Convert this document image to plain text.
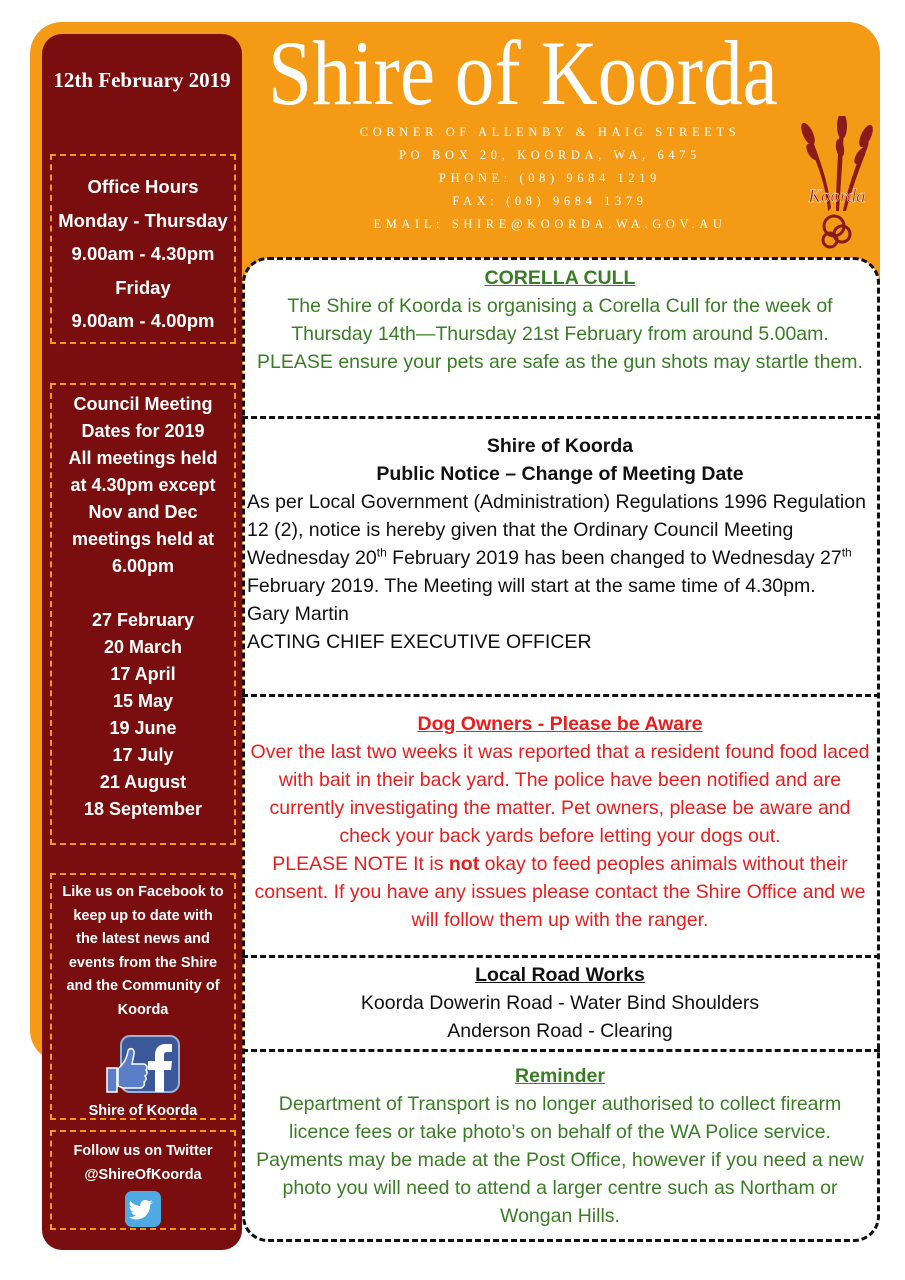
12th February 2019
Office Hours
Monday - Thursday
9.00am - 4.30pm
Friday
9.00am - 4.00pm
Council Meeting
Dates for 2019
All meetings held
at 4.30pm except
Nov and Dec
meetings held at
6.00pm
27 February
20 March
17 April
15 May
19 June
17 July
21 August
18 September
Like us on Facebook to
keep up to date with
the latest news and
events from the Shire
and the Community of
Koorda
Shire of Koorda
Follow us on Twitter
@ShireOfKoorda
Shire of Koorda
CORNER OF ALLENBY & HAIG STREETS
PO BOX 20, KOORDA, WA, 6475
PHONE: (08) 9684 1219
FAX: (08) 9684 1379
EMAIL: SHIRE@KOORDA.WA.GOV.AU
Koorda
CORELLA CULL
The Shire of Koorda is organising a Corella Cull for the week of Thursday 14th—Thursday 21st February from around 5.00am. PLEASE ensure your pets are safe as the gun shots may startle them.
Shire of Koorda
Public Notice – Change of Meeting Date
As per Local Government (Administration) Regulations 1996 Regulation 12 (2), notice is hereby given that the Ordinary Council Meeting Wednesday 20th February 2019 has been changed to Wednesday 27th February 2019. The Meeting will start at the same time of 4.30pm.
Gary Martin
ACTING CHIEF EXECUTIVE OFFICER
Dog Owners - Please be Aware
Over the last two weeks it was reported that a resident found food laced with bait in their back yard. The police have been notified and are currently investigating the matter. Pet owners, please be aware and check your back yards before letting your dogs out.
PLEASE NOTE It is not okay to feed peoples animals without their consent. If you have any issues please contact the Shire Office and we will follow them up with the ranger.
Local Road Works
Koorda Dowerin Road - Water Bind Shoulders
Anderson Road - Clearing
Reminder
Department of Transport is no longer authorised to collect firearm licence fees or take photo’s on behalf of the WA Police service. Payments may be made at the Post Office, however if you need a new photo you will need to attend a larger centre such as Northam or Wongan Hills.
